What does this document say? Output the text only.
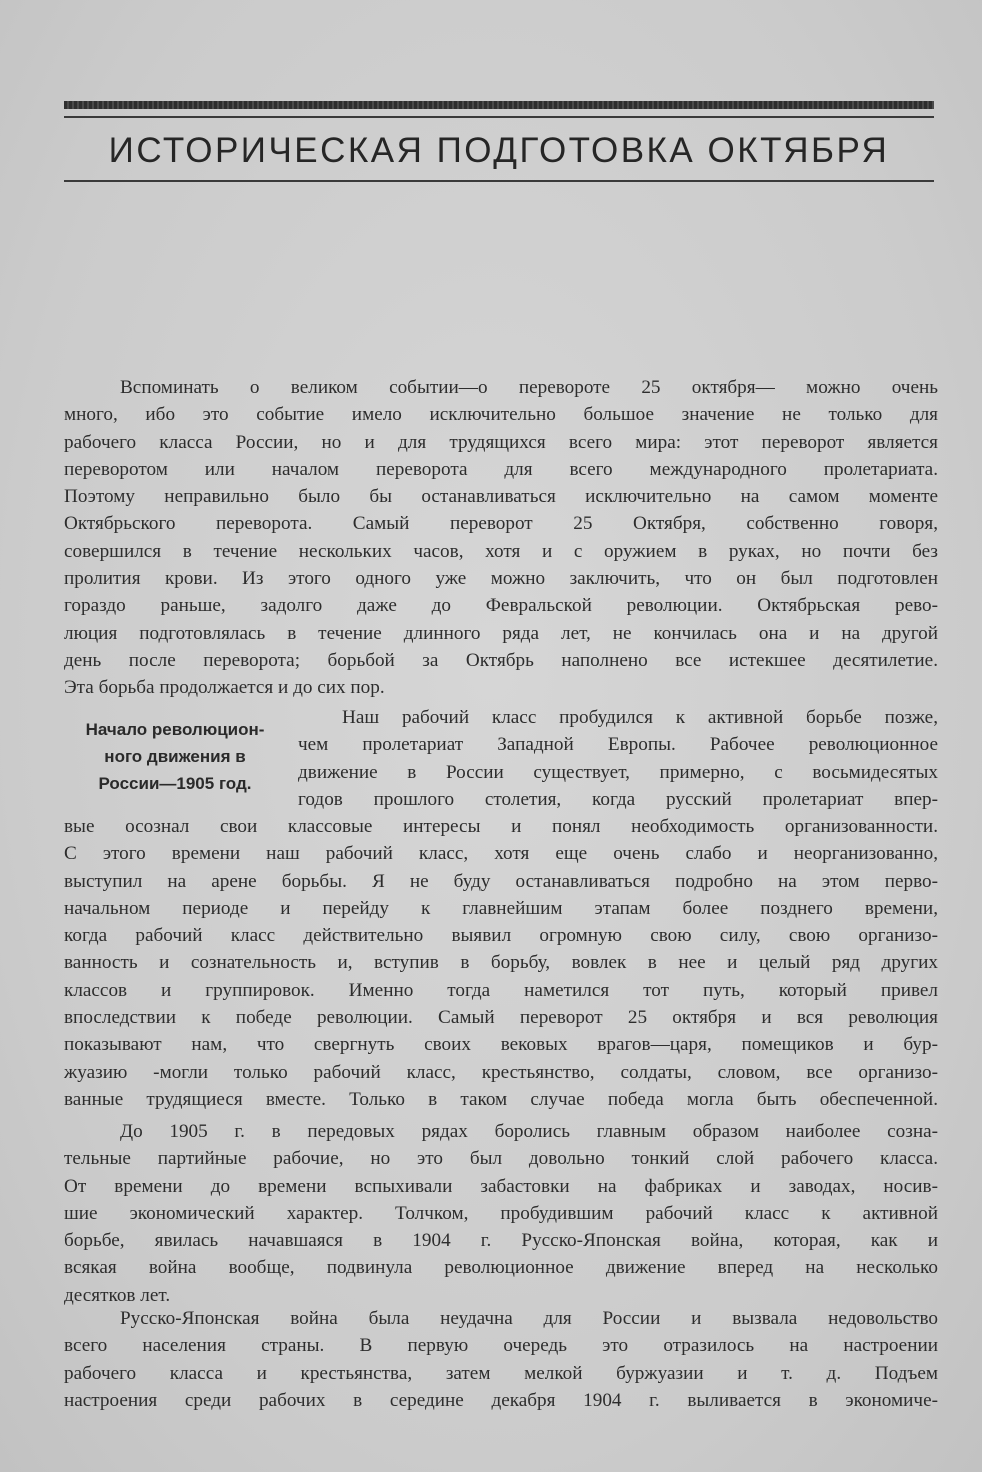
ИСТОРИЧЕСКАЯ ПОДГОТОВКА ОКТЯБРЯ

Вспоминать о великом событии—о перевороте 25 октября— можно очень
много, ибо это событие имело исключительно большое значение не только для
рабочего класса России, но и для трудящихся всего мира: этот переворот является
переворотом или началом переворота для всего международного пролетариата.
Поэтому неправильно было бы останавливаться исключительно на самом моменте
Октябрьского переворота. Самый переворот 25 Октября, собственно говоря,
совершился в течение нескольких часов, хотя и с оружием в руках, но почти без
пролития крови. Из этого одного уже можно заключить, что он был подготовлен
гораздо раньше, задолго даже до Февральской революции. Октябрьская рево-
люция подготовлялась в течение длинного ряда лет, не кончилась она и на другой
день после переворота; борьбой за Октябрь наполнено все истекшее десятилетие.
Эта борьба продолжается и до сих пор.

Начало революцион-
ного движения в
России—1905 год.

Наш рабочий класс пробудился к активной борьбе позже,
чем пролетариат Западной Европы. Рабочее революционное
движение в России существует, примерно, с восьмидесятых
годов прошлого столетия, когда русский пролетариат впер-

вые осознал свои классовые интересы и понял необходимость организованности.
С этого времени наш рабочий класс, хотя еще очень слабо и неорганизованно,
выступил на арене борьбы. Я не буду останавливаться подробно на этом перво-
начальном периоде и перейду к главнейшим этапам более позднего времени,
когда рабочий класс действительно выявил огромную свою силу, свою организо-
ванность и сознательность и, вступив в борьбу, вовлек в нее и целый ряд других
классов и группировок. Именно тогда наметился тот путь, который привел
впоследствии к победе революции. Самый переворот 25 октября и вся революция
показывают нам, что свергнуть своих вековых врагов—царя, помещиков и бур-
жуазию -могли только рабочий класс, крестьянство, солдаты, словом, все организо-
ванные трудящиеся вместе. Только в таком случае победа могла быть обеспеченной.

До 1905 г. в передовых рядах боролись главным образом наиболее созна-
тельные партийные рабочие, но это был довольно тонкий слой рабочего класса.
От времени до времени вспыхивали забастовки на фабриках и заводах, носив-
шие экономический характер. Толчком, пробудившим рабочий класс к активной
борьбе, явилась начавшаяся в 1904 г. Русско-Японская война, которая, как и
всякая война вообще, подвинула революционное движение вперед на несколько
десятков лет.

Русско-Японская война была неудачна для России и вызвала недовольство
всего населения страны. В первую очередь это отразилось на настроении
рабочего класса и крестьянства, затем мелкой буржуазии и т. д. Подъем
настроения среди рабочих в середине декабря 1904 г. выливается в экономиче-
